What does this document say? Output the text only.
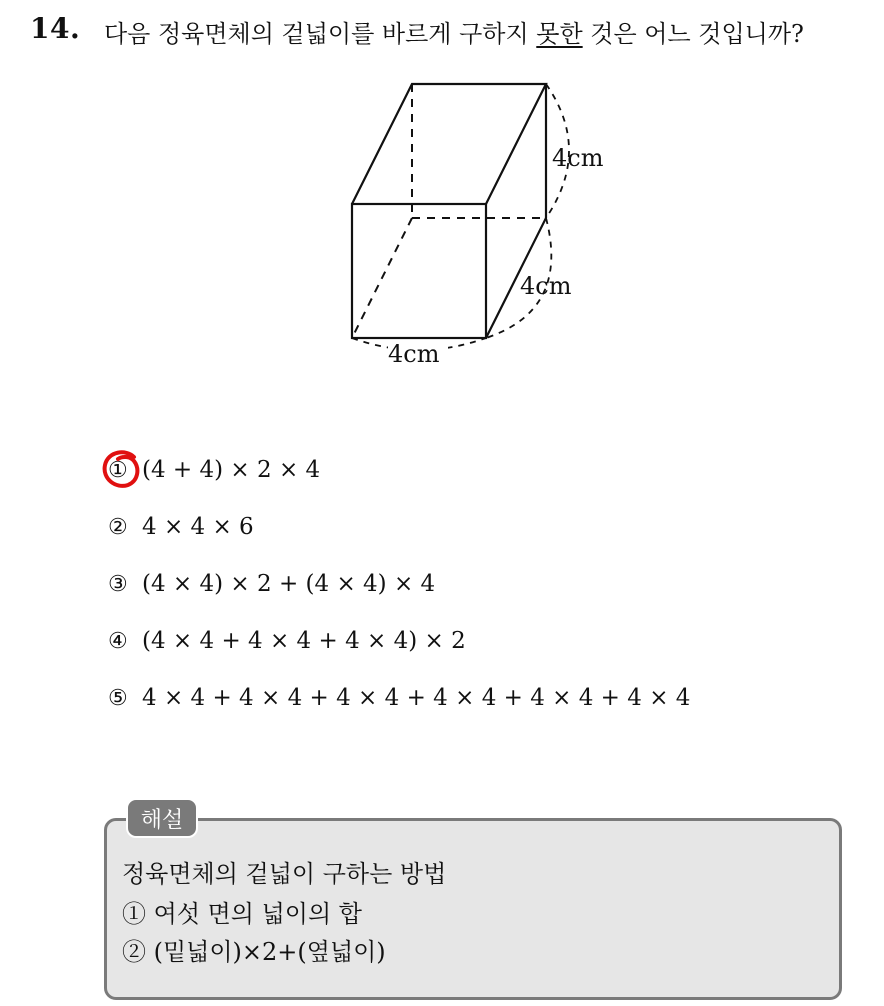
14. 다음 정육면체의 겉넓이를 바르게 구하지 못한 것은 어느 것입니까?
4cm
4cm
4cm
① (4 + 4) × 2 × 4
② 4 × 4 × 6
③ (4 × 4) × 2 + (4 × 4) × 4
④ (4 × 4 + 4 × 4 + 4 × 4) × 2
⑤ 4 × 4 + 4 × 4 + 4 × 4 + 4 × 4 + 4 × 4 + 4 × 4
해설
정육면체의 겉넓이 구하는 방법
① 여섯 면의 넓이의 합
② (밑넓이)×2+(옆넓이)
